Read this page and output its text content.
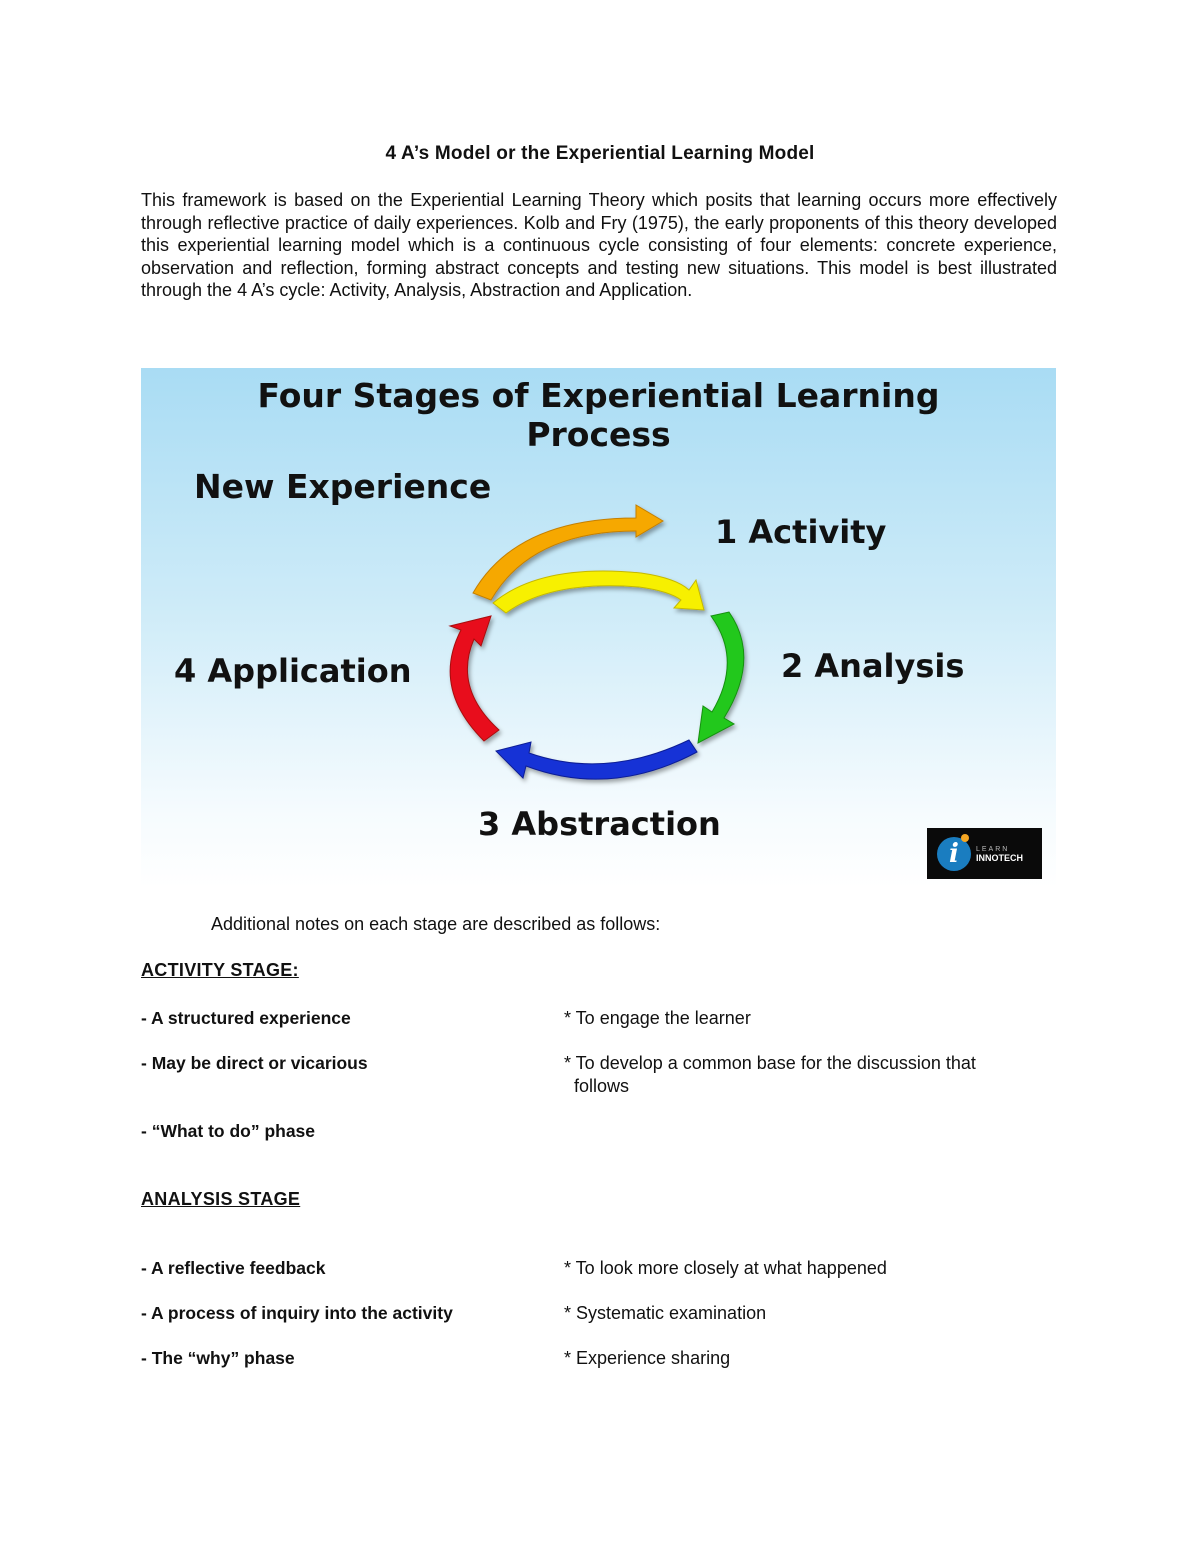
4 A’s Model or the Experiential Learning Model

This framework is based on the Experiential Learning Theory which posits that learning occurs more effectively through reflective practice of daily experiences. Kolb and Fry (1975), the early proponents of this theory developed this experiential learning model which is a continuous cycle consisting of four elements: concrete experience, observation and reflection, forming abstract concepts and testing new situations. This model is best illustrated through the 4 A’s cycle: Activity, Analysis, Abstraction and Application.

Four Stages of Experiential Learning
Process
New Experience
1 Activity
2 Analysis
4 Application
3 Abstraction
i	LEARN
INNOTECH
Additional notes on each stage are described as follows:
ACTIVITY STAGE:
- A structured experience	* To engage the learner
- May be direct or vicarious	* To develop a common base for the discussion that
follows
- “What to do” phase
ANALYSIS STAGE
- A reflective feedback	* To look more closely at what happened
- A process of inquiry into the activity	* Systematic examination
- The “why” phase	* Experience sharing
